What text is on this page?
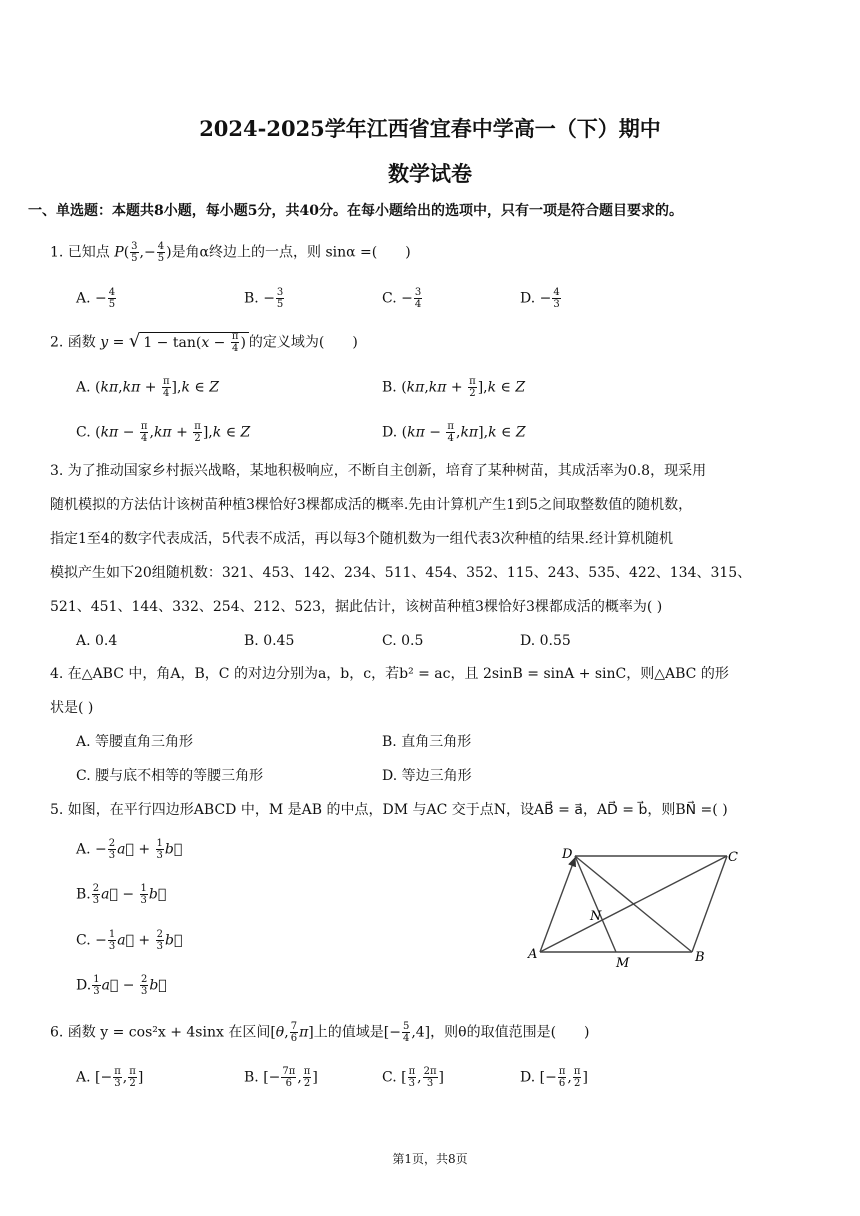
2024-2025学年江西省宜春中学高一（下）期中
数学试卷
一、单选题：本题共8小题，每小题5分，共40分。在每小题给出的选项中，只有一项是符合题目要求的。
1. 已知点 $P( \frac{3}{5}$ ,− $\frac{4}{5}$ )是角α终边上的一点，则 sinα =( )
A. − $\frac{4}{5}$	B. − $\frac{3}{5}$	C. − $\frac{3}{4}$	D. − $\frac{4}{3}$
2. 函数 y = √ $1 - \tan(x - \frac{\pi}{4}$ ) 的定义域为( )
A. $(k\pi,k\pi + \frac{\pi}{4} ],k$ ∈ Z	B. $(k\pi,k\pi + \frac{\pi}{2} ],k$ ∈ Z
C. $(k\pi - \frac{\pi}{4} ,k\pi + \frac{\pi}{2} ],k$ ∈ Z	D. $(k\pi - \frac{\pi}{4} ,k\pi],k$ ∈ Z
3. 为了推动国家乡村振兴战略，某地积极响应，不断自主创新，培育了某种树苗，其成活率为0.8，现采用
随机模拟的方法估计该树苗种植3棵恰好3棵都成活的概率.先由计算机产生1到5之间取整数值的随机数，
指定1至4的数字代表成活，5代表不成活，再以每3个随机数为一组代表3次种植的结果.经计算机随机
模拟产生如下20组随机数：321、453、142、234、511、454、352、115、243、535、422、134、315、
521、451、144、332、254、212、523，据此估计，该树苗种植3棵恰好3棵都成活的概率为( )
A. 0.4	B. 0.45	C. 0.5	D. 0.55
4. 在△ABC 中，角A，B，C 的对边分别为a，b，c，若b² = ac，且 2sinB = sinA + sinC，则△ABC 的形
状是( )
A. 等腰直角三角形	B. 直角三角形
C. 腰与底不相等的等腰三角形	D. 等边三角形
5. 如图，在平行四边形ABCD 中，M 是AB 的中点，DM 与AC 交于点N，设AB⃗ = a⃗，AD⃗ = b⃗，则BN⃗ =( )
A. − $\frac{2}{3}$ a⃗ + $\frac{1}{3}$ b⃗
B. $\frac{2}{3}$ a⃗ − $\frac{1}{3}$ b⃗
C. − $\frac{1}{3}$ a⃗ + $\frac{2}{3}$ b⃗
D. $\frac{1}{3}$ a⃗ − $\frac{2}{3}$ b⃗
D	C
N
A
M	B
6. 函数 y = cos²x + 4sinx 在区间[θ, $\frac{7}{6} \pi$]上的值域是[− $\frac{5}{4} ,4$]，则θ的取值范围是( )
A. [− $\frac{\pi}{3}$ , $\frac{\pi}{2}$ ]	B. [− $\frac{7\pi}{6}$ , $\frac{\pi}{2}$ ]	C. [ $\frac{\pi}{3}$ , $\frac{2\pi}{3}$ ]	D. [− $\frac{\pi}{6}$ , $\frac{\pi}{2}$ ]
第1页，共8页
